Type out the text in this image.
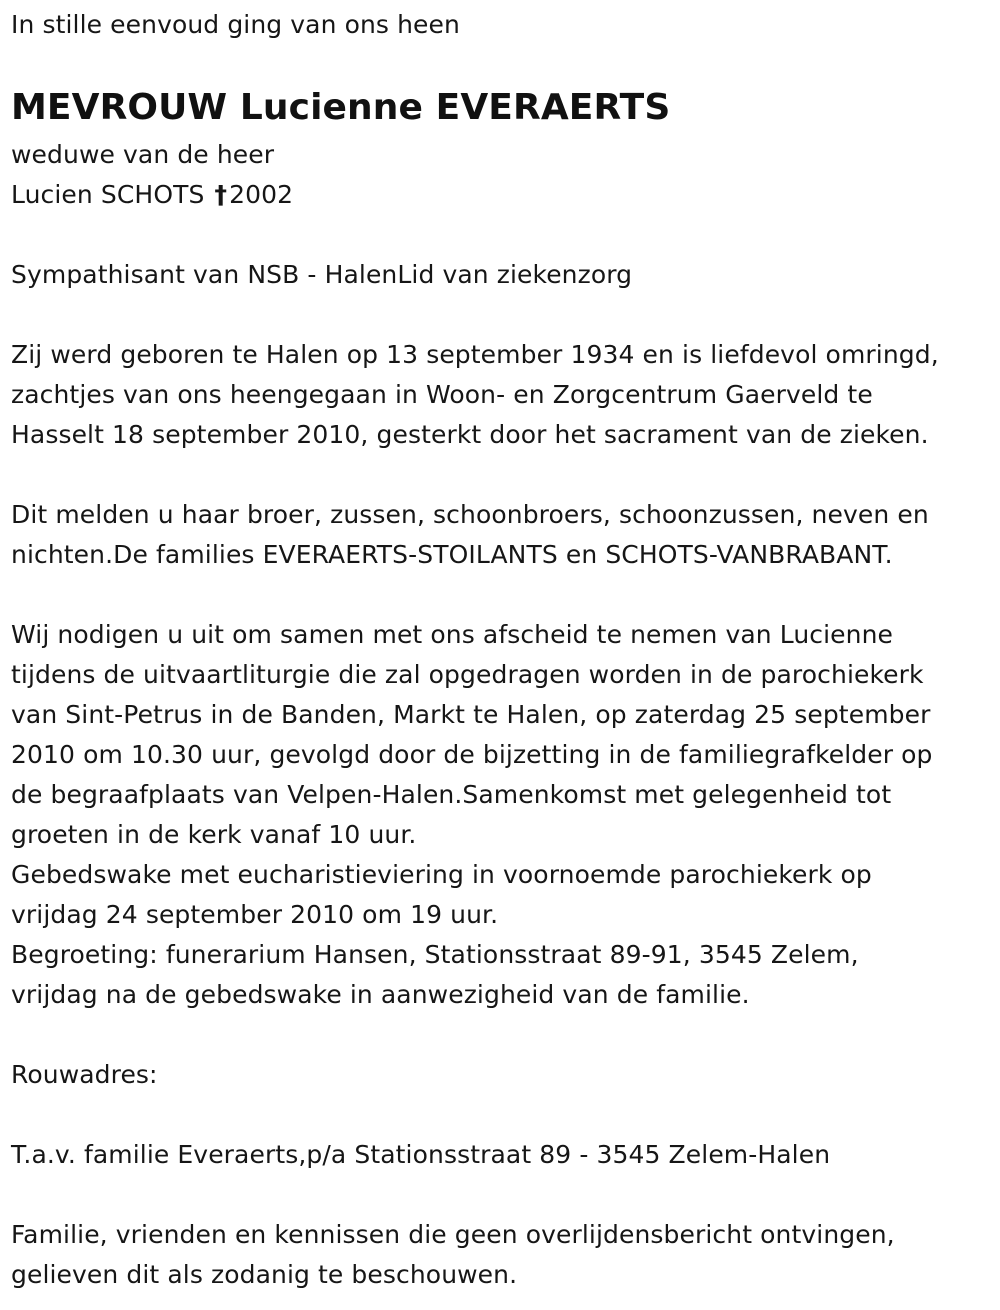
In stille eenvoud ging van ons heen
MEVROUW Lucienne EVERAERTS
weduwe van de heer
Lucien SCHOTS †2002
Sympathisant van NSB - HalenLid van ziekenzorg
Zij werd geboren te Halen op 13 september 1934 en is liefdevol omringd,
zachtjes van ons heengegaan in Woon- en Zorgcentrum Gaerveld te
Hasselt 18 september 2010, gesterkt door het sacrament van de zieken.
Dit melden u haar broer, zussen, schoonbroers, schoonzussen, neven en
nichten.De families EVERAERTS-STOILANTS en SCHOTS-VANBRABANT.
Wij nodigen u uit om samen met ons afscheid te nemen van Lucienne
tijdens de uitvaartliturgie die zal opgedragen worden in de parochiekerk
van Sint-Petrus in de Banden, Markt te Halen, op zaterdag 25 september
2010 om 10.30 uur, gevolgd door de bijzetting in de familiegrafkelder op
de begraafplaats van Velpen-Halen.Samenkomst met gelegenheid tot
groeten in de kerk vanaf 10 uur.
Gebedswake met eucharistieviering in voornoemde parochiekerk op
vrijdag 24 september 2010 om 19 uur.
Begroeting: funerarium Hansen, Stationsstraat 89-91, 3545 Zelem,
vrijdag na de gebedswake in aanwezigheid van de familie.
Rouwadres:
T.a.v. familie Everaerts,p/a Stationsstraat 89 - 3545 Zelem-Halen
Familie, vrienden en kennissen die geen overlijdensbericht ontvingen,
gelieven dit als zodanig te beschouwen.
